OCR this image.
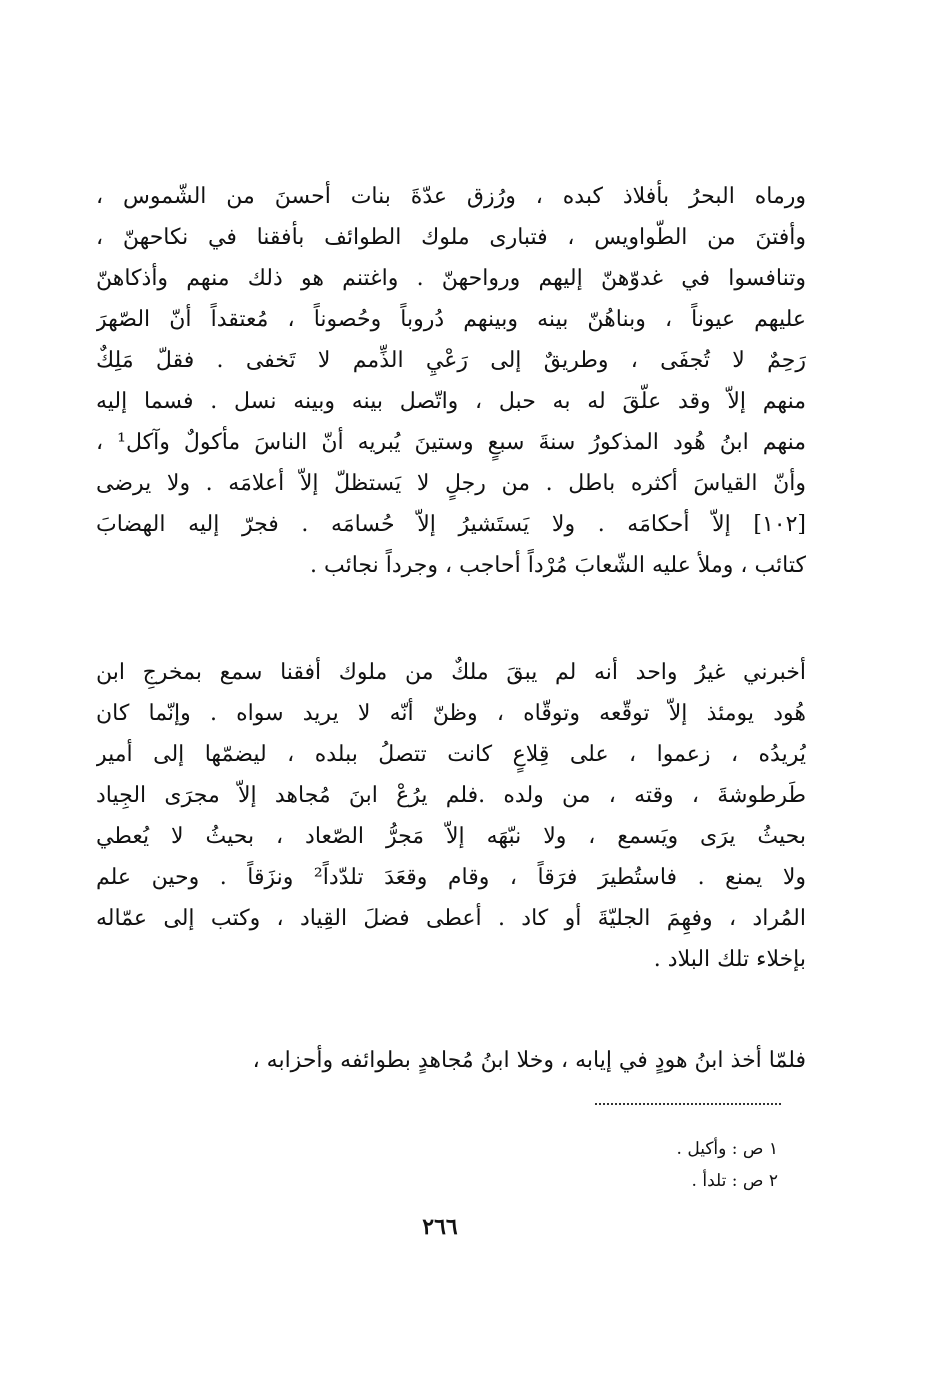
ورماه البحرُ بأفلاذ كبده ، ورُزق عدّةَ بنات أحسنَ من الشّموس ،
وأفتنَ من الطّواويس ، فتبارى ملوك الطوائف بأفقنا في نكاحهنّ ،
وتنافسوا في غدوّهنّ إليهم ورواحهنّ . واغتنم هو ذلك منهم وأذكاهنّ
عليهم عيوناً ، وبناهُنّ بينه وبينهم دُروباً وحُصوناً ، مُعتقداً أنّ الصّهرَ
رَحِمٌ لا تُجفَى ، وطريقٌ إلى رَعْيِ الذِّمم لا تَخفى . فقلّ مَلِكٌ
منهم إلاّ وقد علّقَ له به حبل ، واتّصل بينه وبينه نسل . فسما إليه
منهم ابنُ هُود المذكورُ سنةَ سبعٍ وستينَ يُبريه أنّ الناسَ مأكولٌ وآكل¹ ،
وأنّ القياسَ أكثره باطل . من رجلٍ لا يَستظلّ إلاّ أعلامَه . ولا يرضى
[١٠٢] إلاّ أحكامَه . ولا يَستَشيرُ إلاّ حُسامَه . فجرّ إليه الهضابَ
كتائب ، وملأ عليه الشّعابَ مُرْداً أحاجب ، وجرداً نجائب .
أخبرني غيرُ واحد أنه لم يبقَ ملكٌ من ملوك أفقنا سمع بمخرجِ ابن
هُود يومئذ إلاّ توقّعه وتوقّاه ، وظنّ أنّه لا يريد سواه . وإنّما كان
يُريدُه ، زعموا ، على قِلاعٍ كانت تتصلُ ببلده ، ليضمّها إلى أمير
طَرطوشةَ ، وقته ، من ولده .فلم يرُعْ ابنَ مُجاهد إلاّ مجرَى الجِياد
بحيثُ يرَى ويَسمع ، ولا نبّهَه إلاّ مَجرُّ الصّعاد ، بحيثُ لا يُعطي
ولا يمنع . فاستُطيرَ فرَقاً ، وقام وقعَدَ تلدّداً² ونزَقاً . وحين علم
المُراد ، وفهِمَ الجليّةَ أو كاد . أعطى فضلَ القِياد ، وكتب إلى عمّاله
بإخلاء تلك البلاد .
فلمّا أخذ ابنُ هودٍ في إيابه ، وخلا ابنُ مُجاهدٍ بطوائفه وأحزابه ،
١ ص : وأكيل .
٢ ص : تلدأ .
٢٦٦
